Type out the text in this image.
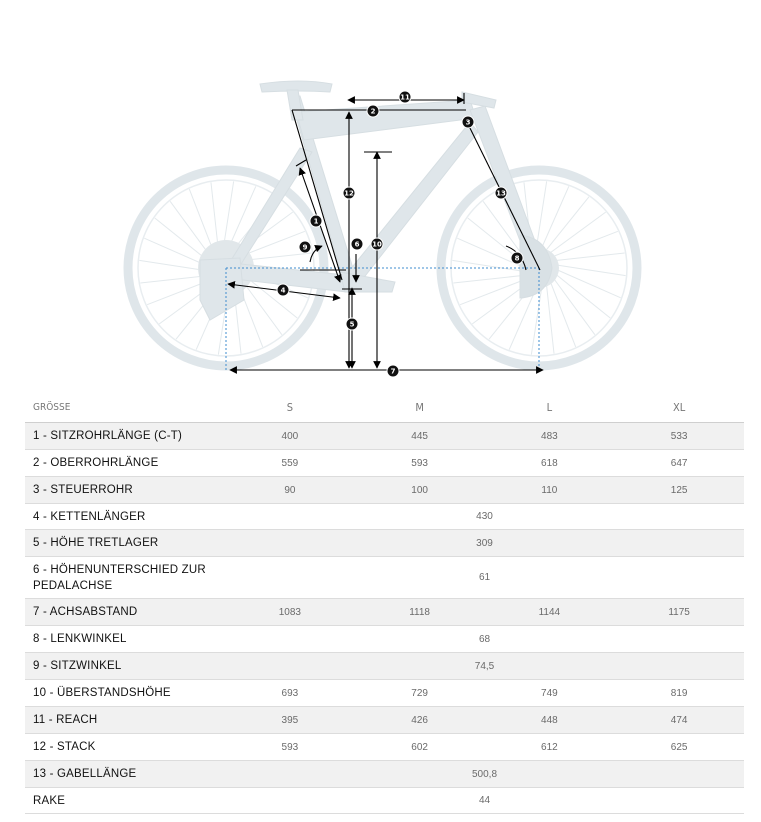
1
2
3
4
5
6
7
8
9	10
11
12	13
GRÖSSE	S	M	L	XL
1 - SITZROHRLÄNGE (C-T)	400	445	483	533
2 - OBERROHRLÄNGE	559	593	618	647
3 - STEUERROHR	90	100	110	125
4 - KETTENLÄNGER	430			
5 - HÖHE TRETLAGER	309			
6 - HÖHENUNTERSCHIED ZUR PEDALACHSE	61			
7 - ACHSABSTAND	1083	1118	1144	1175
8 - LENKWINKEL	68			
9 - SITZWINKEL	74,5			
10 - ÜBERSTANDSHÖHE	693	729	749	819
11 - REACH	395	426	448	474
12 - STACK	593	602	612	625
13 - GABELLÄNGE	500,8			
RAKE	44			
